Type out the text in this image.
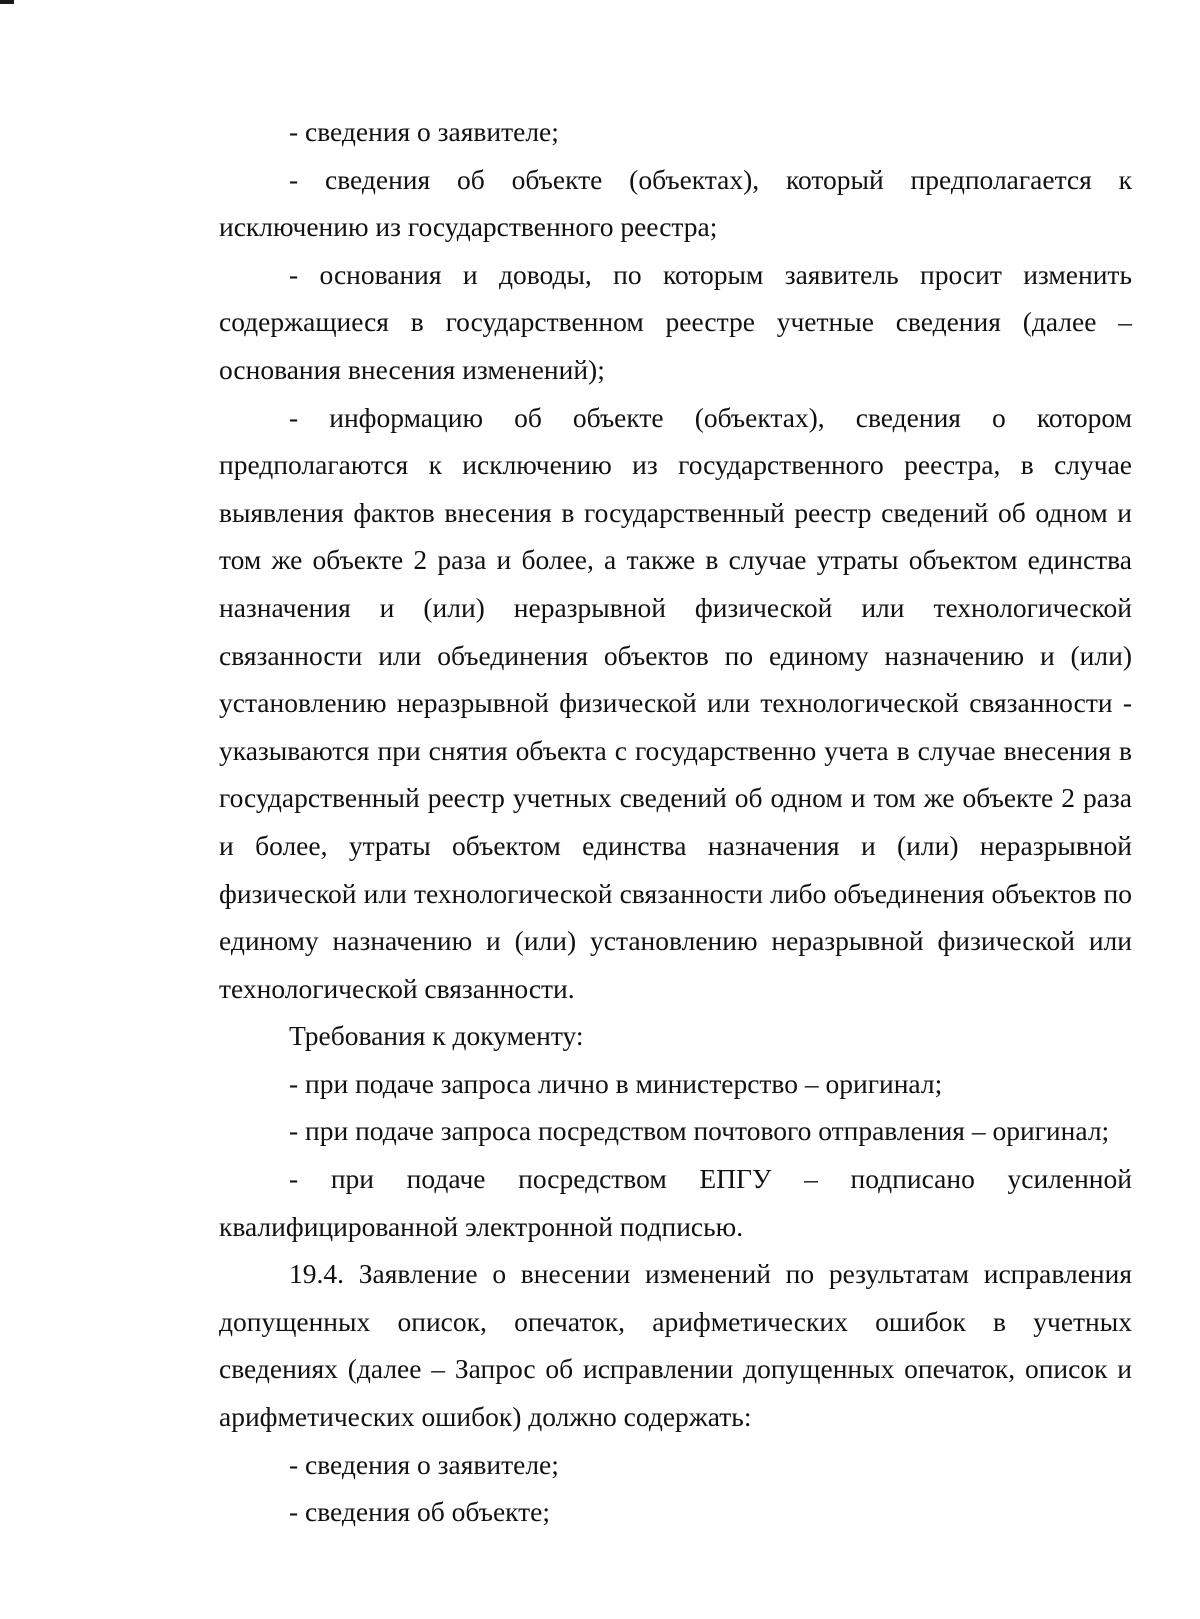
- сведения о заявителе;

- сведения об объекте (объектах), который предполагается к исключению из государственного реестра;

- основания и доводы, по которым заявитель просит изменить содержащиеся в государственном реестре учетные сведения (далее – основания внесения изменений);

- информацию об объекте (объектах), сведения о котором предполагаются к исключению из государственного реестра, в случае выявления фактов внесения в государственный реестр сведений об одном и том же объекте 2 раза и более, а также в случае утраты объектом единства назначения и (или) неразрывной физической или технологической связанности или объединения объектов по единому назначению и (или) установлению неразрывной физической или технологической связанности - указываются при снятия объекта с государственно учета в случае внесения в государственный реестр учетных сведений об одном и том же объекте 2 раза и более, утраты объектом единства назначения и (или) неразрывной физической или технологической связанности либо объединения объектов по единому назначению и (или) установлению неразрывной физической или технологической связанности.

Требования к документу:

- при подаче запроса лично в министерство – оригинал;

- при подаче запроса посредством почтового отправления – оригинал;

- при подаче посредством ЕПГУ – подписано усиленной квалифицированной электронной подписью.

19.4. Заявление о внесении изменений по результатам исправления допущенных описок, опечаток, арифметических ошибок в учетных сведениях (далее – Запрос об исправлении допущенных опечаток, описок и арифметических ошибок) должно содержать:

- сведения о заявителе;

- сведения об объекте;
